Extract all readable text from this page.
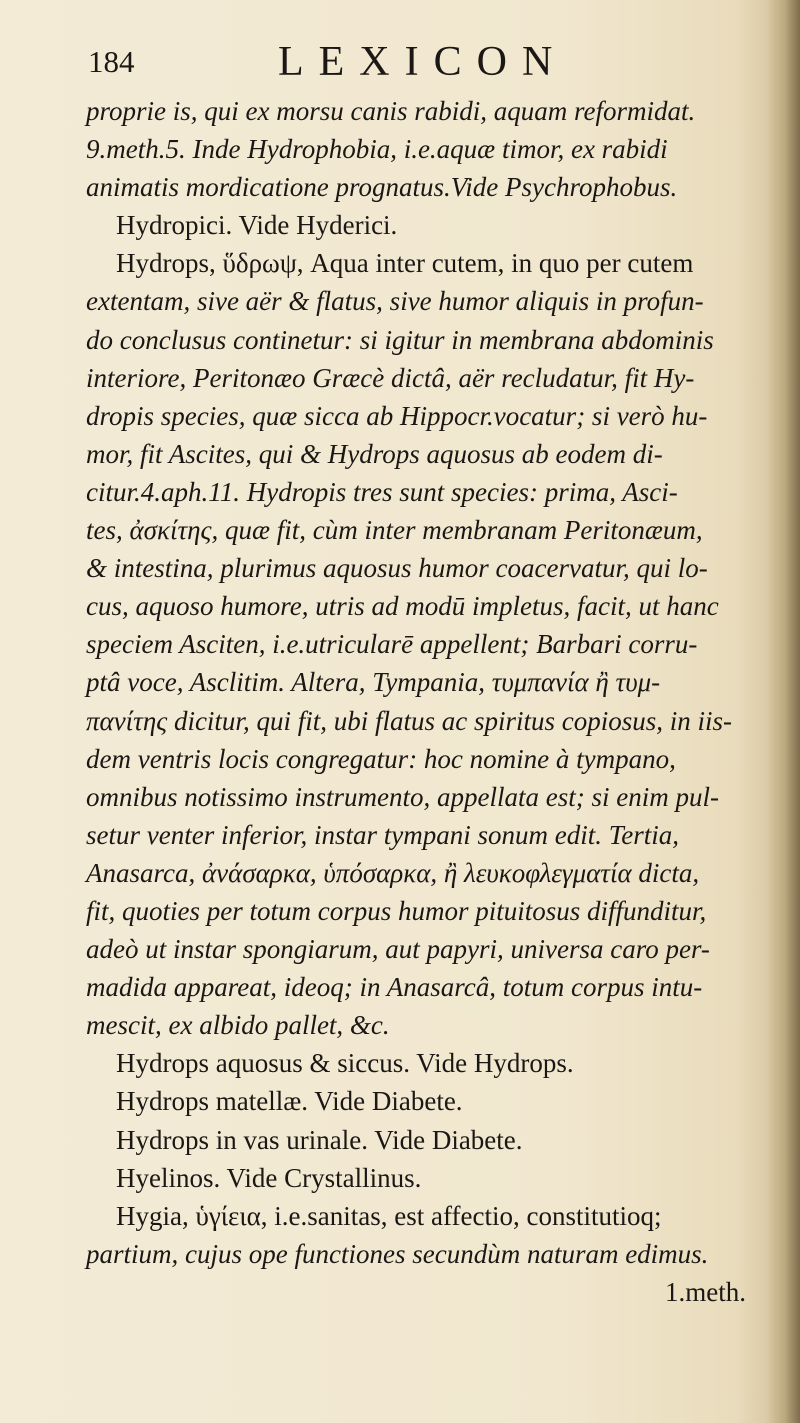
184	LEXICON
proprie is, qui ex morsu canis rabidi, aquam reformidat.
9.meth.5. Inde Hydrophobia, i.e.aquæ timor, ex rabidi
animatis mordicatione prognatus.Vide Psychrophobus.
Hydropici. Vide Hyderici.
Hydrops, ὕδρωψ, Aqua inter cutem, in quo per cutem
extentam, sive aër & flatus, sive humor aliquis in profun-
do conclusus continetur: si igitur in membrana abdominis
interiore, Peritonæo Græcè dictâ, aër recludatur, fit Hy-
dropis species, quæ sicca ab Hippocr.vocatur; si verò hu-
mor, fit Ascites, qui & Hydrops aquosus ab eodem di-
citur.4.aph.11. Hydropis tres sunt species: prima, Asci-
tes, ἀσκίτης, quæ fit, cùm inter membranam Peritonæum,
& intestina, plurimus aquosus humor coacervatur, qui lo-
cus, aquoso humore, utris ad modū impletus, facit, ut hanc
speciem Asciten, i.e.utricularē appellent; Barbari corru-
ptâ voce, Asclitim. Altera, Tympania, τυμπανία ἢ τυμ-
πανίτης dicitur, qui fit, ubi flatus ac spiritus copiosus, in iis-
dem ventris locis congregatur: hoc nomine à tympano,
omnibus notissimo instrumento, appellata est; si enim pul-
setur venter inferior, instar tympani sonum edit. Tertia,
Anasarca, ἀνάσαρκα, ὑπόσαρκα, ἢ λευκοφλεγματία dicta,
fit, quoties per totum corpus humor pituitosus diffunditur,
adeò ut instar spongiarum, aut papyri, universa caro per-
madida appareat, ideoq; in Anasarcâ, totum corpus intu-
mescit, ex albido pallet, &c.
Hydrops aquosus & siccus. Vide Hydrops.
Hydrops matellæ. Vide Diabete.
Hydrops in vas urinale. Vide Diabete.
Hyelinos. Vide Crystallinus.
Hygia, ὑγίεια, i.e.sanitas, est affectio, constitutioq;
partium, cujus ope functiones secundùm naturam edimus.
1.meth.
